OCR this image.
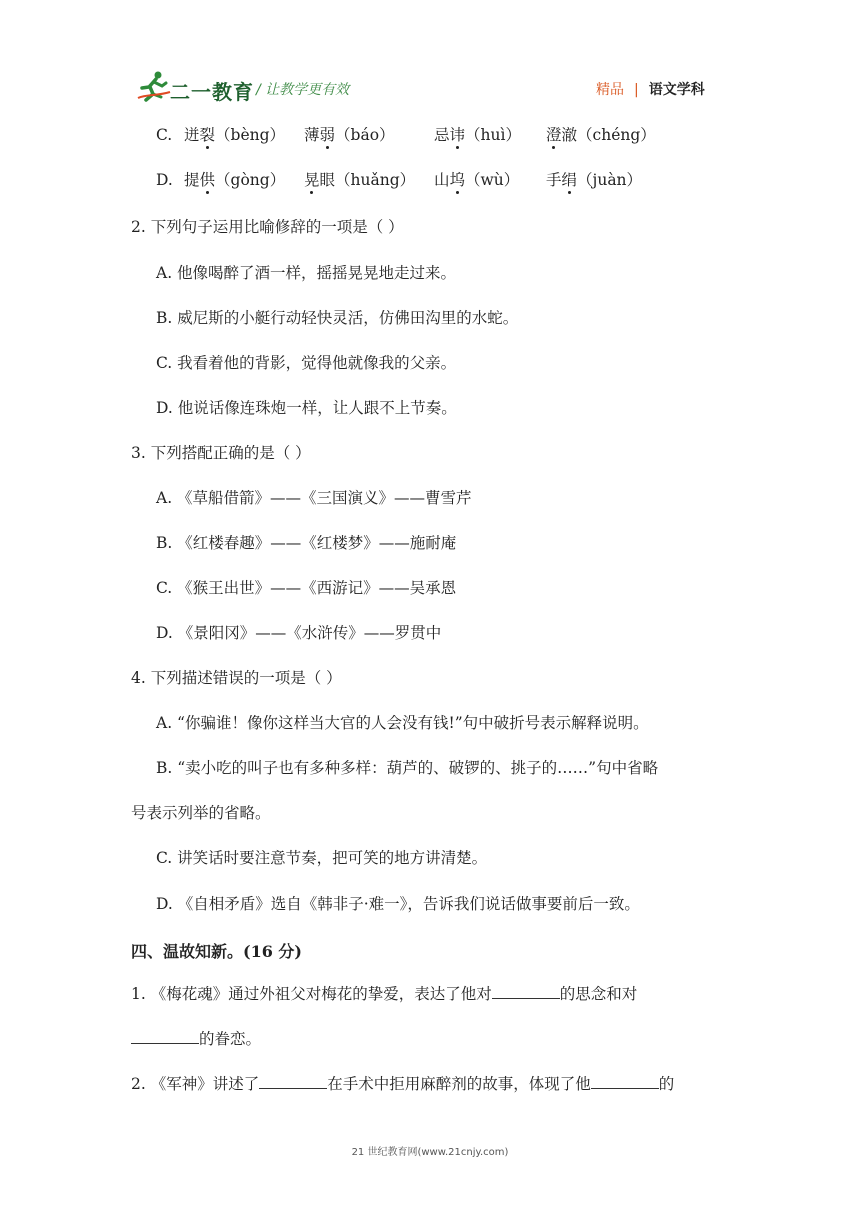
二一教育 / 让教学更有效	精品 | 语文学科
C. 迸裂（bèng） 薄弱（báo）	忌讳（huì） 澄澈（chéng）
D. 提供（gòng） 晃眼（huǎng） 山坞（wù） 手绢（juàn）
2. 下列句子运用比喻修辞的一项是（ ）
A. 他像喝醉了酒一样，摇摇晃晃地走过来。
B. 威尼斯的小艇行动轻快灵活，仿佛田沟里的水蛇。
C. 我看着他的背影，觉得他就像我的父亲。
D. 他说话像连珠炮一样，让人跟不上节奏。
3. 下列搭配正确的是（ ）
A. 《草船借箭》——《三国演义》——曹雪芹
B. 《红楼春趣》——《红楼梦》——施耐庵
C. 《猴王出世》——《西游记》——吴承恩
D. 《景阳冈》——《水浒传》——罗贯中
4. 下列描述错误的一项是（ ）
A. “你骗谁！像你这样当大官的人会没有钱!”句中破折号表示解释说明。
B. “卖小吃的叫子也有多种多样：葫芦的、破锣的、挑子的……”句中省略
号表示列举的省略。
C. 讲笑话时要注意节奏，把可笑的地方讲清楚。
D. 《自相矛盾》选自《韩非子·难一》，告诉我们说话做事要前后一致。
四、温故知新。(16 分)
1. 《梅花魂》通过外祖父对梅花的挚爱，表达了他对	的思念和对
的眷恋。
2. 《军神》讲述了	在手术中拒用麻醉剂的故事，体现了他	的
21 世纪教育网(www.21cnjy.com)
